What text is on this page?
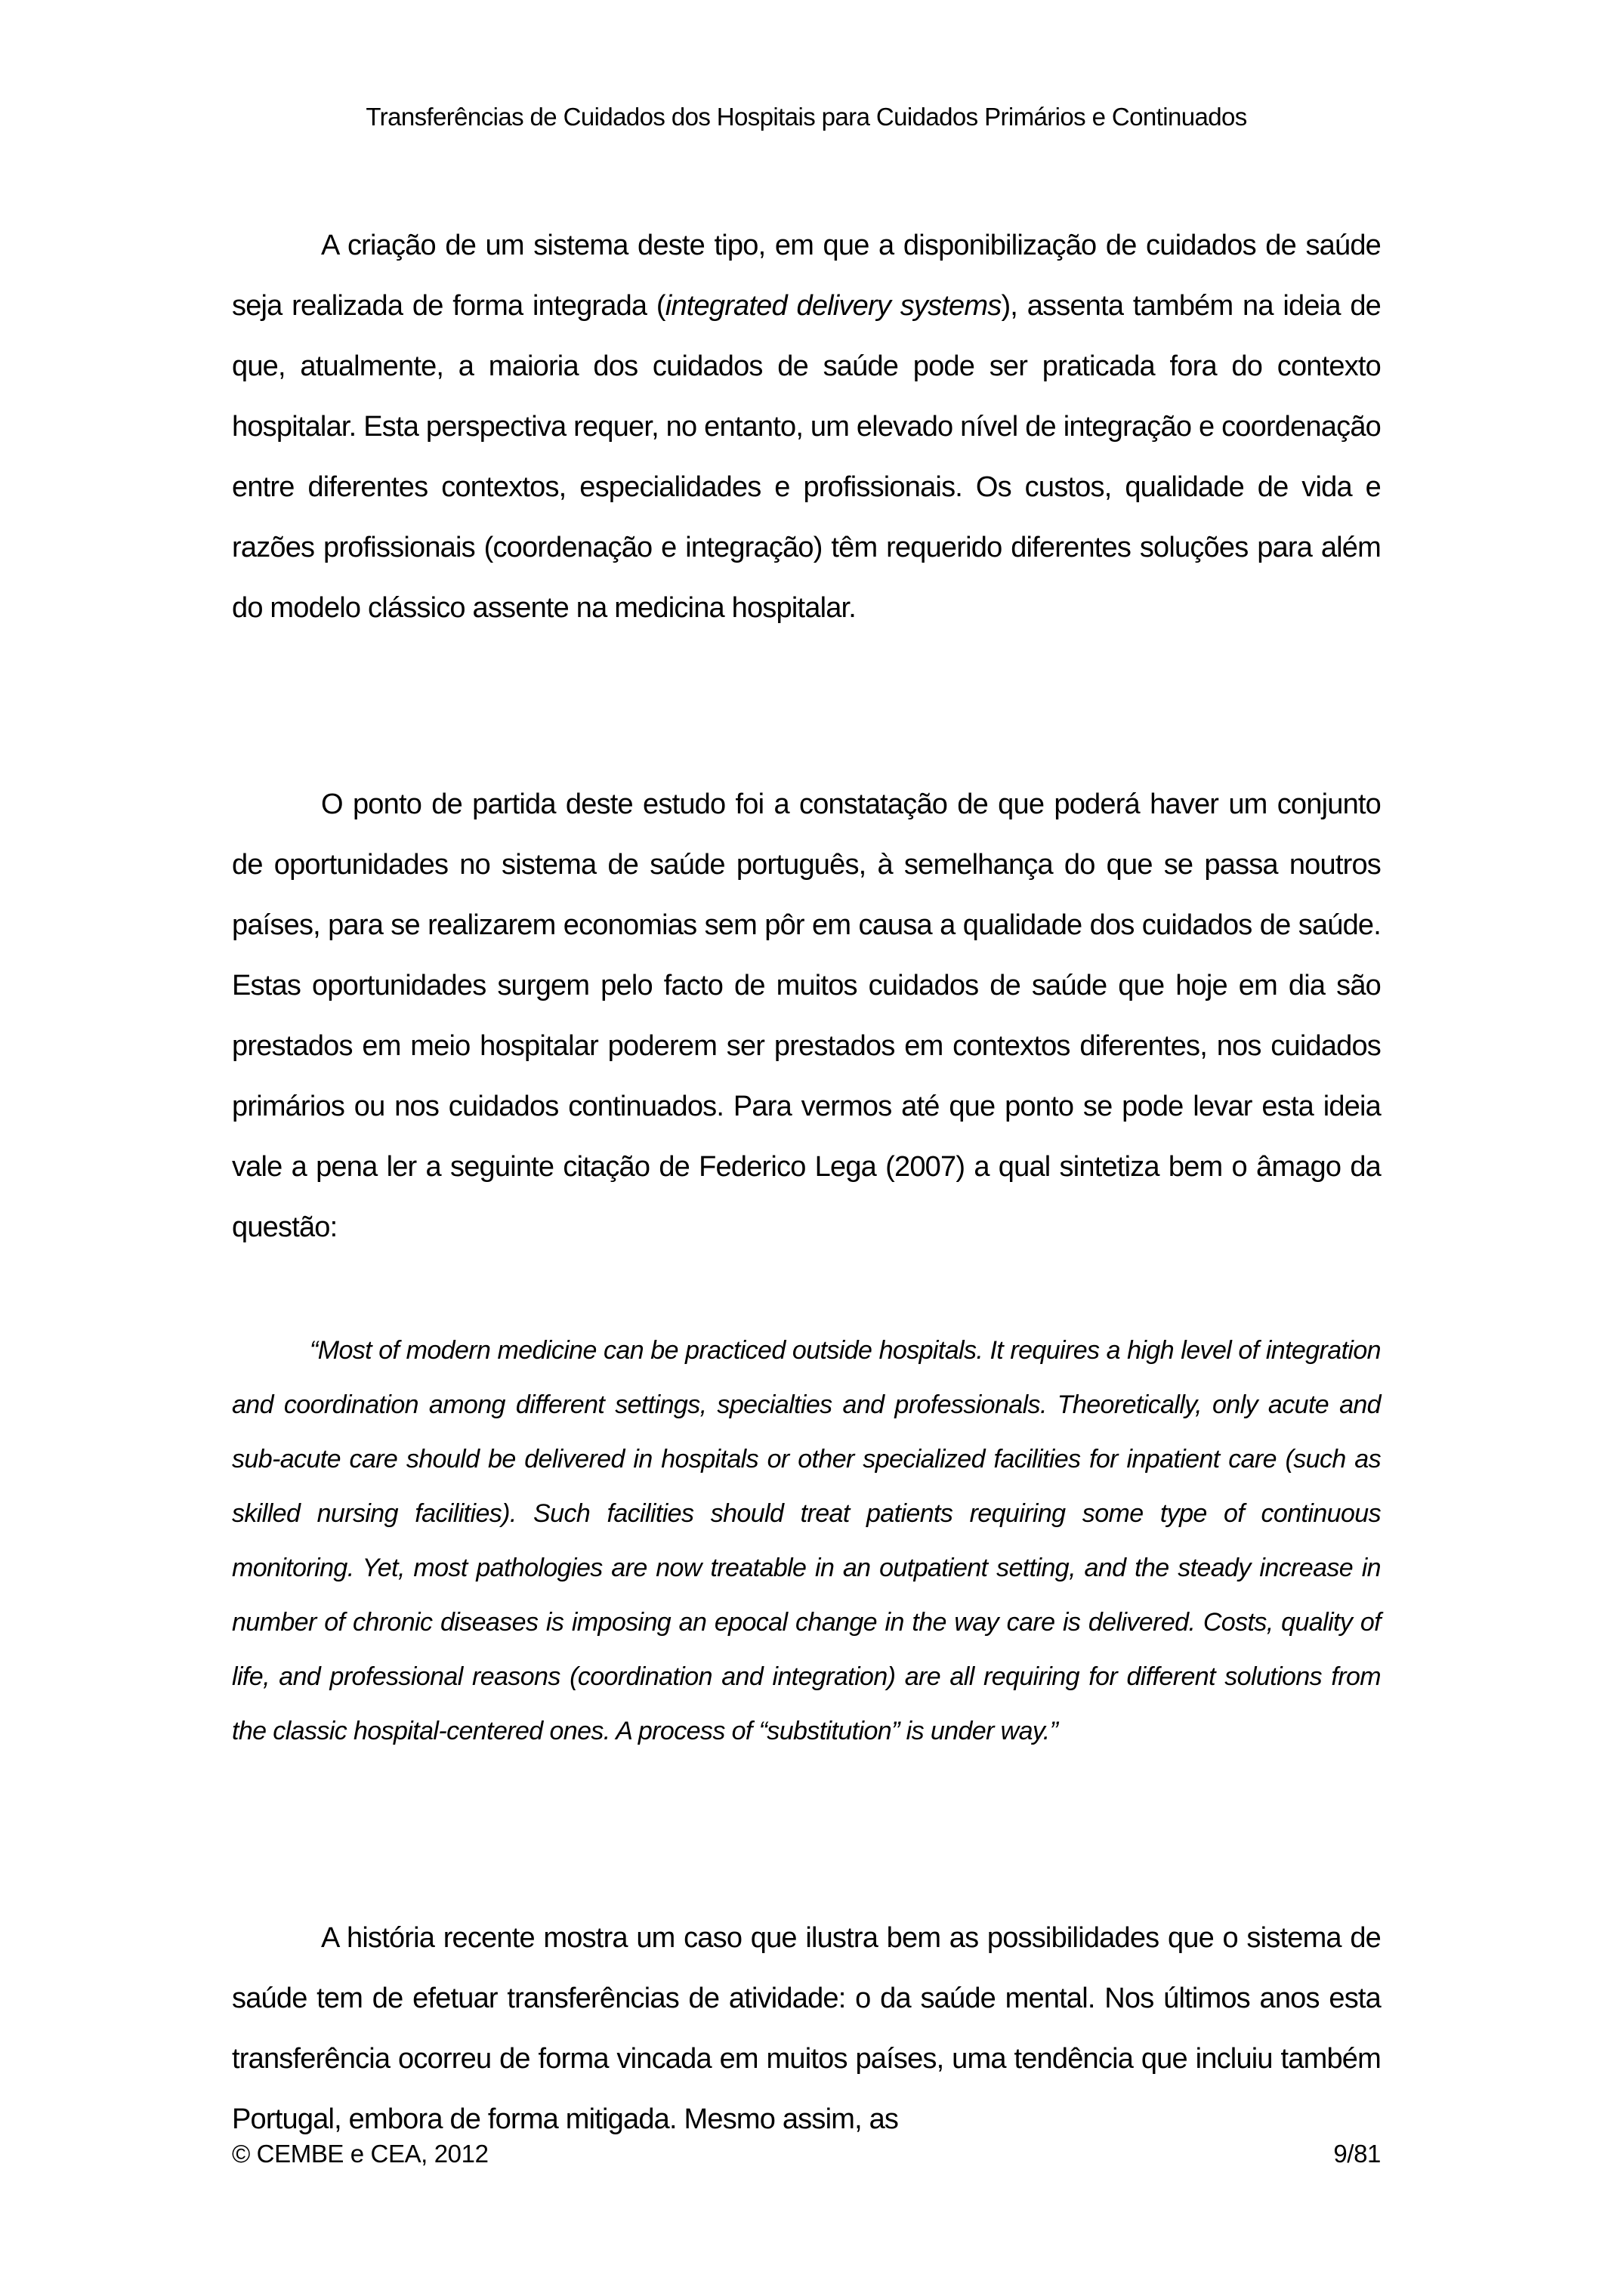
Transferências de Cuidados dos Hospitais para Cuidados Primários e Continuados

A criação de um sistema deste tipo, em que a disponibilização de cuidados de saúde seja realizada de forma integrada (integrated delivery systems), assenta também na ideia de que, atualmente, a maioria dos cuidados de saúde pode ser praticada fora do contexto hospitalar. Esta perspectiva requer, no entanto, um elevado nível de integração e coordenação entre diferentes contextos, especialidades e profissionais. Os custos, qualidade de vida e razões profissionais (coordenação e integração) têm requerido diferentes soluções para além do modelo clássico assente na medicina hospitalar.

O ponto de partida deste estudo foi a constatação de que poderá haver um conjunto de oportunidades no sistema de saúde português, à semelhança do que se passa noutros países, para se realizarem economias sem pôr em causa a qualidade dos cuidados de saúde. Estas oportunidades surgem pelo facto de muitos cuidados de saúde que hoje em dia são prestados em meio hospitalar poderem ser prestados em contextos diferentes, nos cuidados primários ou nos cuidados continuados. Para vermos até que ponto se pode levar esta ideia vale a pena ler a seguinte citação de Federico Lega (2007) a qual sintetiza bem o âmago da questão:

“Most of modern medicine can be practiced outside hospitals. It requires a high level of integration and coordination among different settings, specialties and professionals. Theoretically, only acute and sub-acute care should be delivered in hospitals or other specialized facilities for inpatient care (such as skilled nursing facilities). Such facilities should treat patients requiring some type of continuous monitoring. Yet, most pathologies are now treatable in an outpatient setting, and the steady increase in number of chronic diseases is imposing an epocal change in the way care is delivered. Costs, quality of life, and professional reasons (coordination and integration) are all requiring for different solutions from the classic hospital-centered ones. A process of “substitution” is under way.”

A história recente mostra um caso que ilustra bem as possibilidades que o sistema de saúde tem de efetuar transferências de atividade: o da saúde mental. Nos últimos anos esta transferência ocorreu de forma vincada em muitos países, uma tendência que incluiu também Portugal, embora de forma mitigada. Mesmo assim, as

© CEMBE e CEA, 2012	9/81
